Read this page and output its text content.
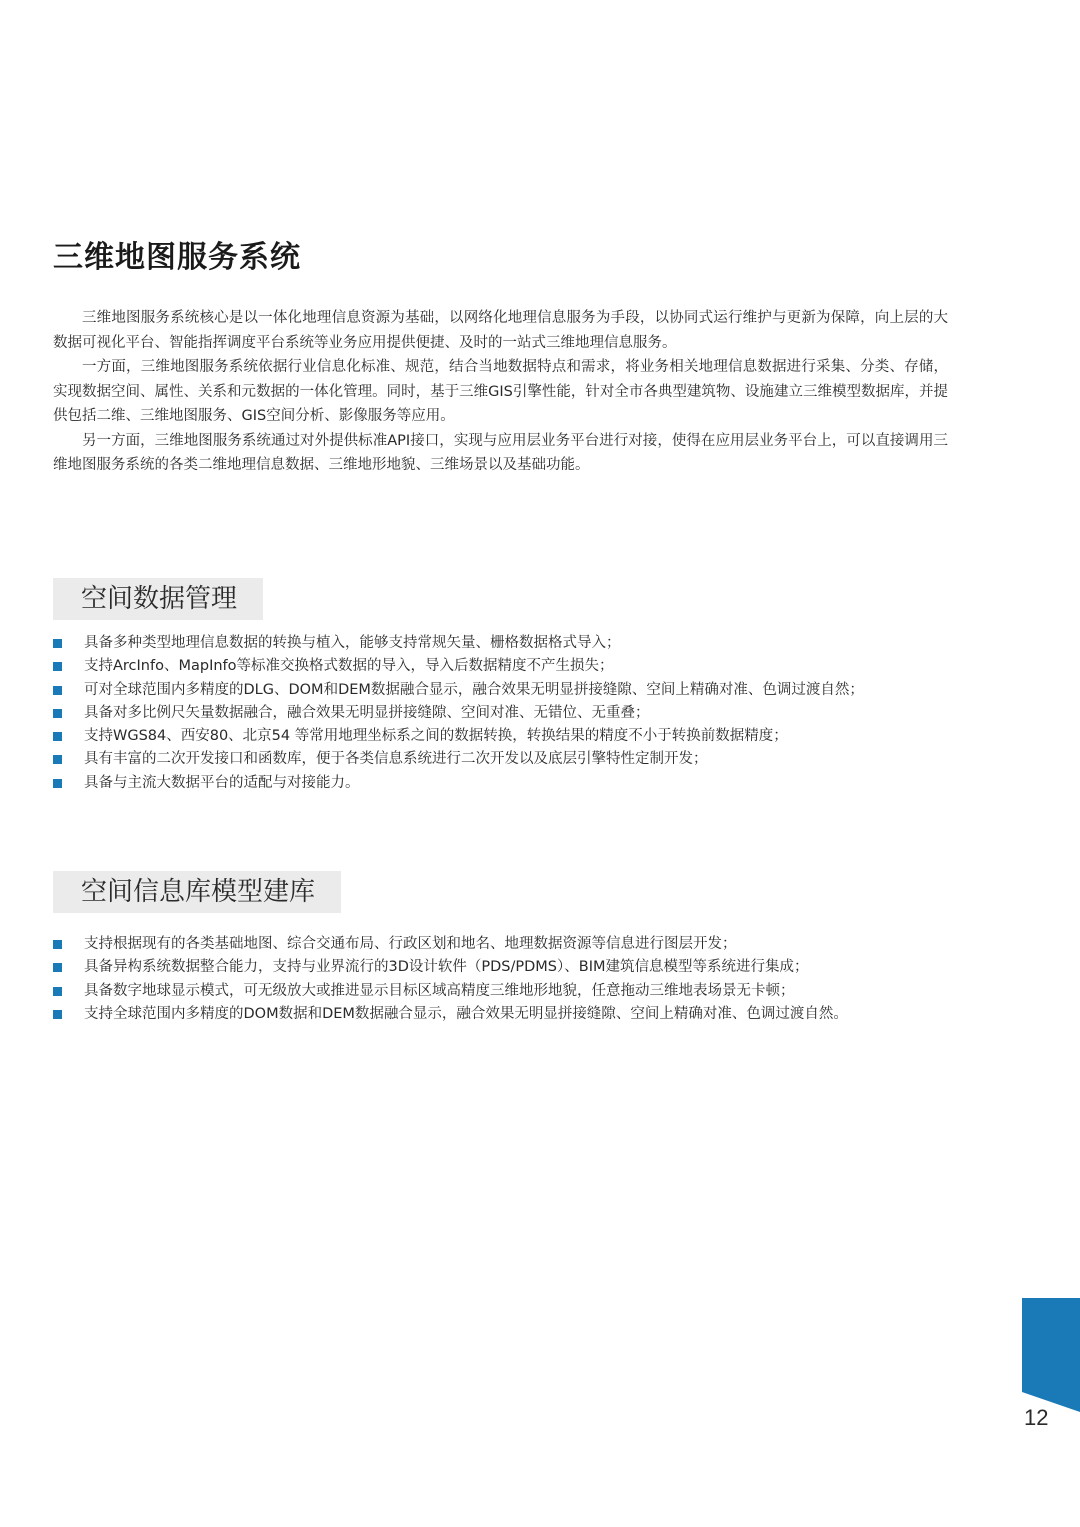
三维地图服务系统

三维地图服务系统核心是以一体化地理信息资源为基础，以网络化地理信息服务为手段，以协同式运行维护与更新为保障，向上层的大数据可视化平台、智能指挥调度平台系统等业务应用提供便捷、及时的一站式三维地理信息服务。

一方面，三维地图服务系统依据行业信息化标准、规范，结合当地数据特点和需求，将业务相关地理信息数据进行采集、分类、存储，实现数据空间、属性、关系和元数据的一体化管理。同时，基于三维GIS引擎性能，针对全市各典型建筑物、设施建立三维模型数据库，并提供包括二维、三维地图服务、GIS空间分析、影像服务等应用。

另一方面，三维地图服务系统通过对外提供标准API接口，实现与应用层业务平台进行对接，使得在应用层业务平台上，可以直接调用三维地图服务系统的各类二维地理信息数据、三维地形地貌、三维场景以及基础功能。

空间数据管理
具备多种类型地理信息数据的转换与植入，能够支持常规矢量、栅格数据格式导入；
支持ArcInfo、MapInfo等标准交换格式数据的导入，导入后数据精度不产生损失；
可对全球范围内多精度的DLG、DOM和DEM数据融合显示，融合效果无明显拼接缝隙、空间上精确对准、色调过渡自然；
具备对多比例尺矢量数据融合，融合效果无明显拼接缝隙、空间对准、无错位、无重叠；
支持WGS84、西安80、北京54 等常用地理坐标系之间的数据转换，转换结果的精度不小于转换前数据精度；
具有丰富的二次开发接口和函数库，便于各类信息系统进行二次开发以及底层引擎特性定制开发；
具备与主流大数据平台的适配与对接能力。
空间信息库模型建库
支持根据现有的各类基础地图、综合交通布局、行政区划和地名、地理数据资源等信息进行图层开发；
具备异构系统数据整合能力，支持与业界流行的3D设计软件（PDS/PDMS）、BIM建筑信息模型等系统进行集成；
具备数字地球显示模式，可无级放大或推进显示目标区域高精度三维地形地貌，任意拖动三维地表场景无卡顿；
支持全球范围内多精度的DOM数据和DEM数据融合显示，融合效果无明显拼接缝隙、空间上精确对准、色调过渡自然。
12
